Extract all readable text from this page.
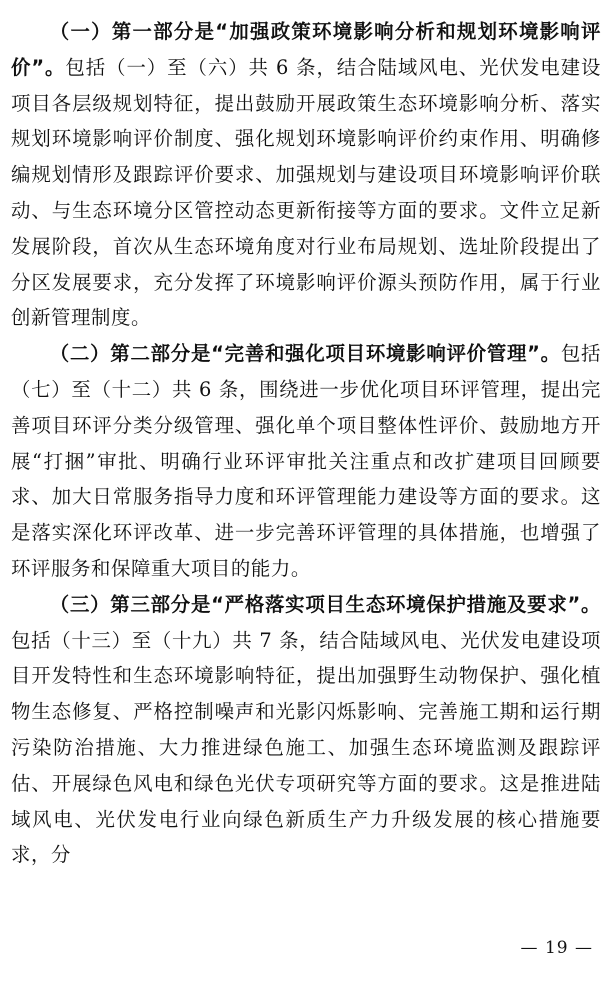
（一）第一部分是“加强政策环境影响分析和规划环境影响评价”。包括（一）至（六）共 6 条，结合陆域风电、光伏发电建设项目各层级规划特征，提出鼓励开展政策生态环境影响分析、落实规划环境影响评价制度、强化规划环境影响评价约束作用、明确修编规划情形及跟踪评价要求、加强规划与建设项目环境影响评价联动、与生态环境分区管控动态更新衔接等方面的要求。文件立足新发展阶段，首次从生态环境角度对行业布局规划、选址阶段提出了分区发展要求，充分发挥了环境影响评价源头预防作用，属于行业创新管理制度。

（二）第二部分是“完善和强化项目环境影响评价管理”。包括（七）至（十二）共 6 条，围绕进一步优化项目环评管理，提出完善项目环评分类分级管理、强化单个项目整体性评价、鼓励地方开展“打捆”审批、明确行业环评审批关注重点和改扩建项目回顾要求、加大日常服务指导力度和环评管理能力建设等方面的要求。这是落实深化环评改革、进一步完善环评管理的具体措施，也增强了环评服务和保障重大项目的能力。

（三）第三部分是“严格落实项目生态环境保护措施及要求”。包括（十三）至（十九）共 7 条，结合陆域风电、光伏发电建设项目开发特性和生态环境影响特征，提出加强野生动物保护、强化植物生态修复、严格控制噪声和光影闪烁影响、完善施工期和运行期污染防治措施、大力推进绿色施工、加强生态环境监测及跟踪评估、开展绿色风电和绿色光伏专项研究等方面的要求。这是推进陆域风电、光伏发电行业向绿色新质生产力升级发展的核心措施要求，分

— 19 —
